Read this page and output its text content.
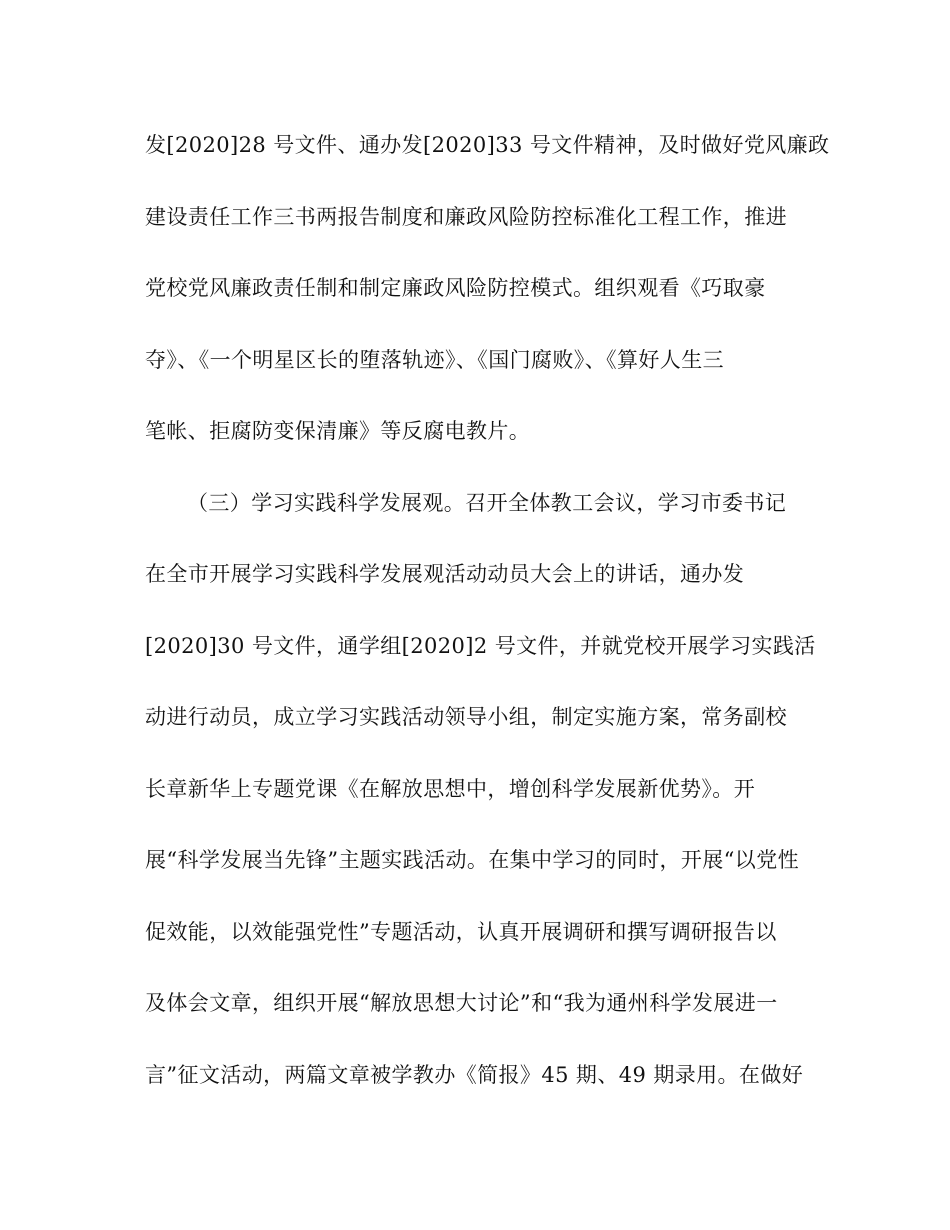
发[2020]28 号文件、通办发[2020]33 号文件精神，及时做好党风廉政
建设责任工作三书两报告制度和廉政风险防控标准化工程工作，推进
党校党风廉政责任制和制定廉政风险防控模式。组织观看《巧取豪
夺》、《一个明星区长的堕落轨迹》、《国门腐败》、《算好人生三
笔帐、拒腐防变保清廉》等反腐电教片。
（三）学习实践科学发展观。召开全体教工会议，学习市委书记
在全市开展学习实践科学发展观活动动员大会上的讲话，通办发
[2020]30 号文件，通学组[2020]2 号文件，并就党校开展学习实践活
动进行动员，成立学习实践活动领导小组，制定实施方案，常务副校
长章新华上专题党课《在解放思想中，增创科学发展新优势》。开
展“科学发展当先锋”主题实践活动。在集中学习的同时，开展“以党性
促效能，以效能强党性”专题活动，认真开展调研和撰写调研报告以
及体会文章，组织开展“解放思想大讨论”和“我为通州科学发展进一
言”征文活动，两篇文章被学教办《简报》45 期、49 期录用。在做好
